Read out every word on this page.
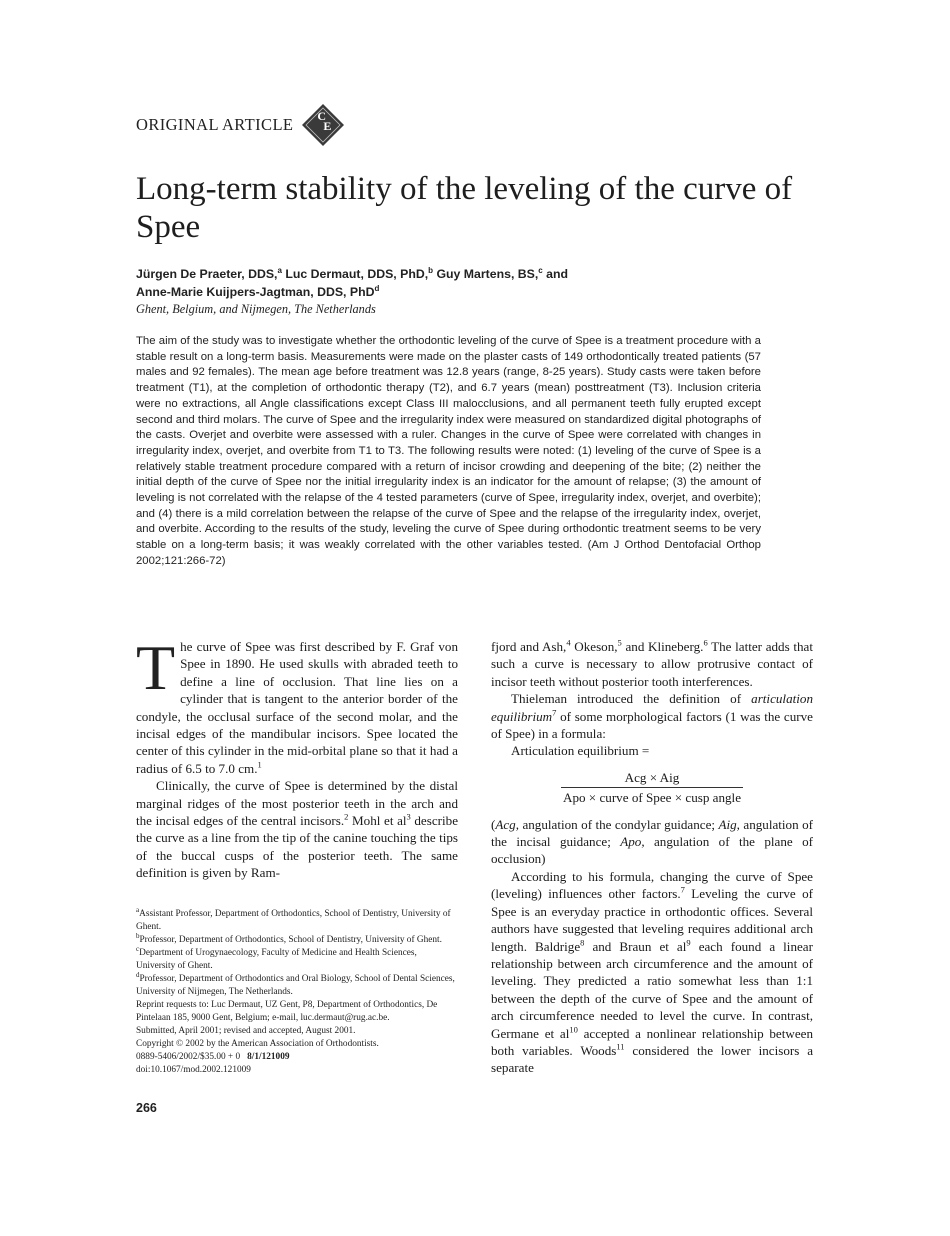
ORIGINAL ARTICLE C
E
Long-term stability of the leveling of the curve of Spee
Jürgen De Praeter, DDS,$^a$ Luc Dermaut, DDS, PhD,$^b$ Guy Martens, BS,$^c$ and
Anne-Marie Kuijpers-Jagtman, DDS, PhD$^d$
Ghent, Belgium, and Nijmegen, The Netherlands

The aim of the study was to investigate whether the orthodontic leveling of the curve of Spee is a treatment procedure with a stable result on a long-term basis. Measurements were made on the plaster casts of 149 orthodontically treated patients (57 males and 92 females). The mean age before treatment was 12.8 years (range, 8-25 years). Study casts were taken before treatment (T1), at the completion of orthodontic therapy (T2), and 6.7 years (mean) posttreatment (T3). Inclusion criteria were no extractions, all Angle classifications except Class III malocclusions, and all permanent teeth fully erupted except second and third molars. The curve of Spee and the irregularity index were measured on standardized digital photographs of the casts. Overjet and overbite were assessed with a ruler. Changes in the curve of Spee were correlated with changes in irregularity index, overjet, and overbite from T1 to T3. The following results were noted: (1) leveling of the curve of Spee is a relatively stable treatment procedure compared with a return of incisor crowding and deepening of the bite; (2) neither the initial depth of the curve of Spee nor the initial irregularity index is an indicator for the amount of relapse; (3) the amount of leveling is not correlated with the relapse of the 4 tested parameters (curve of Spee, irregularity index, overjet, and overbite); and (4) there is a mild correlation between the relapse of the curve of Spee and the relapse of the irregularity index, overjet, and overbite. According to the results of the study, leveling the curve of Spee during orthodontic treatment seems to be very stable on a long-term basis; it was weakly correlated with the other variables tested. (Am J Orthod Dentofacial Orthop 2002;121:266-72)

The curve of Spee was first described by F. Graf von Spee in 1890. He used skulls with abraded teeth to define a line of occlusion. That line lies on a cylinder that is tangent to the anterior border of the condyle, the occlusal surface of the second molar, and the incisal edges of the mandibular incisors. Spee located the center of this cylinder in the mid-orbital plane so that it had a radius of 6.5 to 7.0 cm.$^1$

Clinically, the curve of Spee is determined by the distal marginal ridges of the most posterior teeth in the arch and the incisal edges of the central incisors.$^2$ Mohl et al$^3$ describe the curve as a line from the tip of the canine touching the tips of the buccal cusps of the posterior teeth. The same definition is given by Ram-

fjord and Ash,$^4$ Okeson,$^5$ and Klineberg.$^6$ The latter adds that such a curve is necessary to allow protrusive contact of incisor teeth without posterior tooth interferences.

Thieleman introduced the definition of articulation equilibrium$^7$ of some morphological factors (1 was the curve of Spee) in a formula:

Articulation equilibrium =

Acg × Aig
Apo × curve of Spee × cusp angle

(Acg, angulation of the condylar guidance; Aig, angulation of the incisal guidance; Apo, angulation of the plane of occlusion)

According to his formula, changing the curve of Spee (leveling) influences other factors.$^7$ Leveling the curve of Spee is an everyday practice in orthodontic offices. Several authors have suggested that leveling requires additional arch length. Baldrige$^8$ and Braun et al$^9$ each found a linear relationship between arch circumference and the amount of leveling. They predicted a ratio somewhat less than 1:1 between the depth of the curve of Spee and the amount of arch circumference needed to level the curve. In contrast, Germane et al$^{10}$ accepted a nonlinear relationship between both variables. Woods$^{11}$ considered the lower incisors a separate

$^a$Assistant Professor, Department of Orthodontics, School of Dentistry, University of Ghent.

$^b$Professor, Department of Orthodontics, School of Dentistry, University of Ghent.

$^c$Department of Urogynaecology, Faculty of Medicine and Health Sciences, University of Ghent.

$^d$Professor, Department of Orthodontics and Oral Biology, School of Dental Sciences, University of Nijmegen, The Netherlands.

Reprint requests to: Luc Dermaut, UZ Gent, P8, Department of Orthodontics, De Pintelaan 185, 9000 Gent, Belgium; e-mail, luc.dermaut@rug.ac.be.

Submitted, April 2001; revised and accepted, August 2001.

Copyright © 2002 by the American Association of Orthodontists.

0889-5406/2002/$35.00 + 0 8/1/121009

doi:10.1067/mod.2002.121009

266
